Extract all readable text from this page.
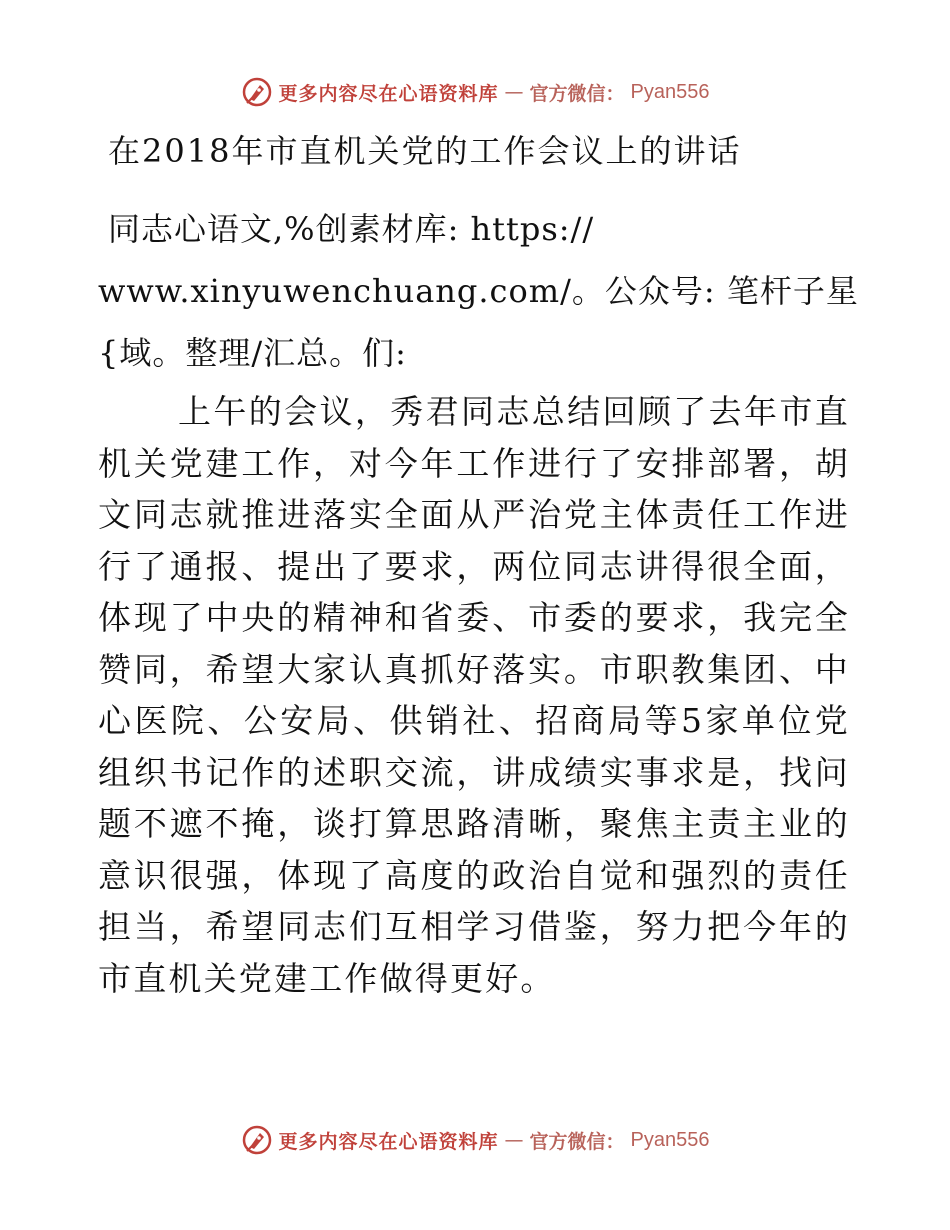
更多内容尽在心语资料库 — 官方微信： Pyan556
在2018年市直机关党的工作会议上的讲话
同志心语文,%创素材库: https://
www.xinyuwenchuang.com/。公众号: 笔杆子星
{域。整理/汇总。们:

上午的会议，秀君同志总结回顾了去年市直机关党建工作，对今年工作进行了安排部署，胡文同志就推进落实全面从严治党主体责任工作进行了通报、提出了要求，两位同志讲得很全面，体现了中央的精神和省委、市委的要求，我完全赞同，希望大家认真抓好落实。市职教集团、中心医院、公安局、供销社、招商局等5家单位党组织书记作的述职交流，讲成绩实事求是，找问题不遮不掩，谈打算思路清晰，聚焦主责主业的意识很强，体现了高度的政治自觉和强烈的责任担当，希望同志们互相学习借鉴，努力把今年的市直机关党建工作做得更好。

更多内容尽在心语资料库 — 官方微信： Pyan556
